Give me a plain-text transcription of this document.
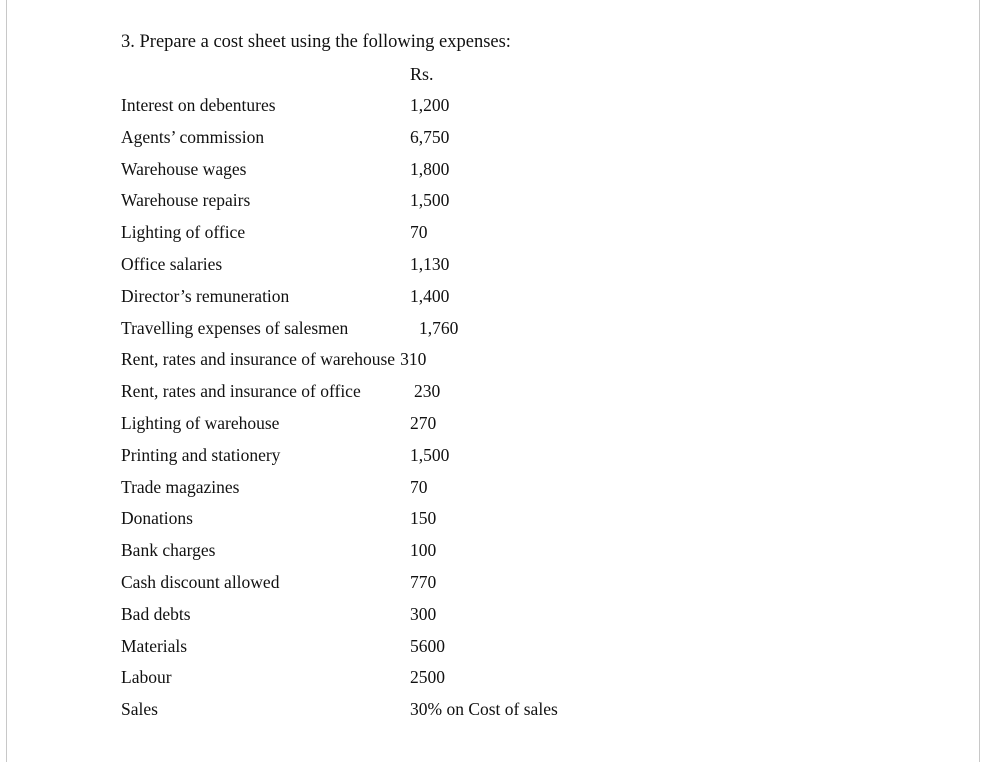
3. Prepare a cost sheet using the following expenses:
Rs.
Interest on debentures	1,200
Agents’ commission	6,750
Warehouse wages	1,800
Warehouse repairs	1,500
Lighting of office	70
Office salaries	1,130
Director’s remuneration	1,400
Travelling expenses of salesmen	1,760
Rent, rates and insurance of warehouse 310
Rent, rates and insurance of office	230
Lighting of warehouse	270
Printing and stationery	1,500
Trade magazines	70
Donations	150
Bank charges	100
Cash discount allowed	770
Bad debts	300
Materials	5600
Labour	2500
Sales	30% on Cost of sales
